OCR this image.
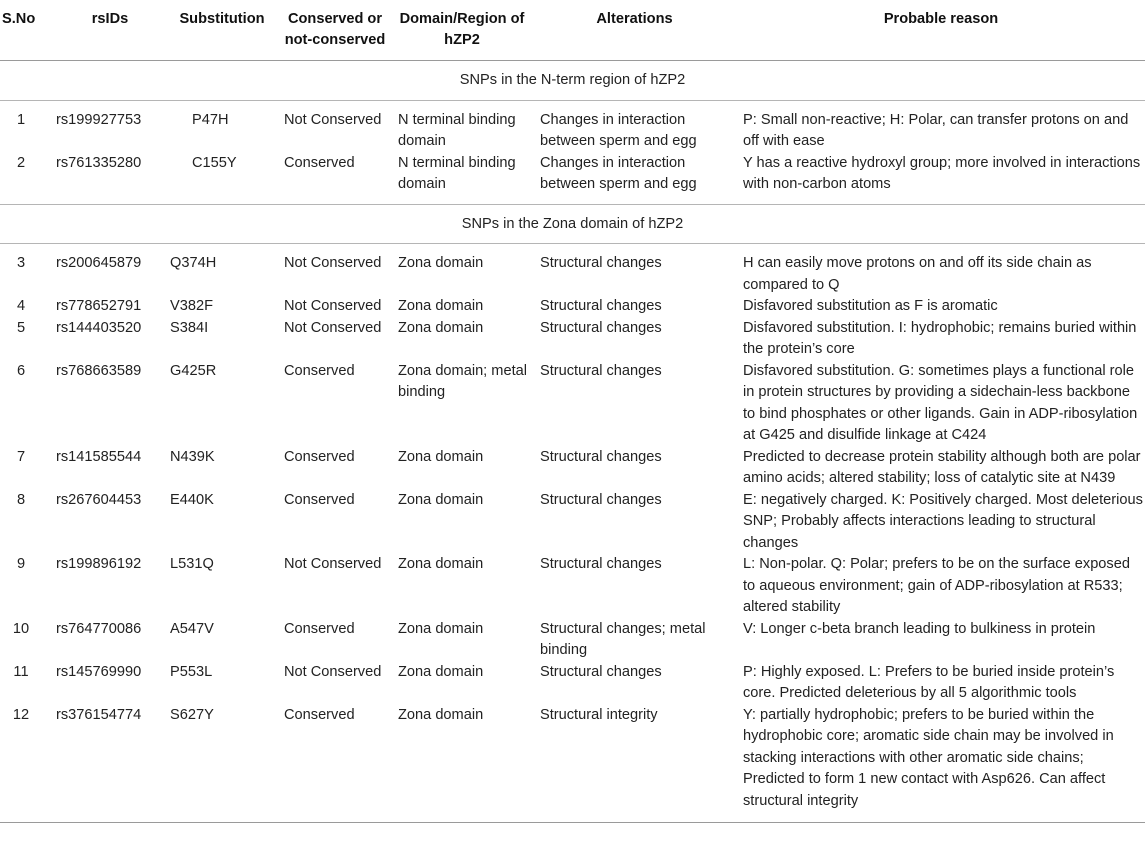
S.No	rsIDs	Substitution	Conserved or not-conserved	Domain/Region of hZP2	Alterations	Probable reason
SNPs in the N-term region of hZP2						
1	rs199927753	P47H	Not Conserved	N terminal binding domain	Changes in interaction between sperm and egg	P: Small non-reactive; H: Polar, can transfer protons on and off with ease
2	rs761335280	C155Y	Conserved	N terminal binding domain	Changes in interaction between sperm and egg	Y has a reactive hydroxyl group; more involved in interactions with non-carbon atoms

SNPs in the Zona domain of hZP2						
3	rs200645879	Q374H	Not Conserved	Zona domain	Structural changes	H can easily move protons on and off its side chain as compared to Q
4	rs778652791	V382F	Not Conserved	Zona domain	Structural changes	Disfavored substitution as F is aromatic
5	rs144403520	S384I	Not Conserved	Zona domain	Structural changes	Disfavored substitution. I: hydrophobic; remains buried within the protein’s core
6	rs768663589	G425R	Conserved	Zona domain; metal binding	Structural changes	Disfavored substitution. G: sometimes plays a functional role in protein structures by providing a sidechain-less backbone to bind phosphates or other ligands. Gain in ADP-ribosylation at G425 and disulfide linkage at C424
7	rs141585544	N439K	Conserved	Zona domain	Structural changes	Predicted to decrease protein stability although both are polar amino acids; altered stability; loss of catalytic site at N439
8	rs267604453	E440K	Conserved	Zona domain	Structural changes	E: negatively charged. K: Positively charged. Most deleterious SNP; Probably affects interactions leading to structural changes
9	rs199896192	L531Q	Not Conserved	Zona domain	Structural changes	L: Non-polar. Q: Polar; prefers to be on the surface exposed to aqueous environment; gain of ADP-ribosylation at R533; altered stability
10	rs764770086	A547V	Conserved	Zona domain	Structural changes; metal binding	V: Longer c-beta branch leading to bulkiness in protein
11	rs145769990	P553L	Not Conserved	Zona domain	Structural changes	P: Highly exposed. L: Prefers to be buried inside protein’s core. Predicted deleterious by all 5 algorithmic tools
12	rs376154774	S627Y	Conserved	Zona domain	Structural integrity	Y: partially hydrophobic; prefers to be buried within the hydrophobic core; aromatic side chain may be involved in stacking interactions with other aromatic side chains; Predicted to form 1 new contact with Asp626. Can affect structural integrity
